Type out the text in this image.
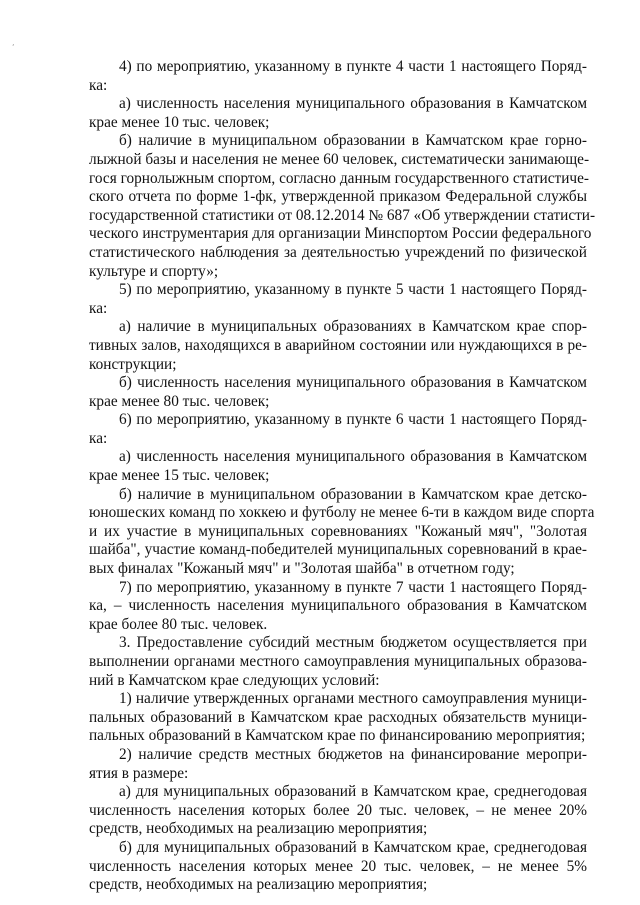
,
4) по мероприятию, указанному в пункте 4 части 1 настоящего Поряд-
ка:
а) численность населения муниципального образования в Камчатском
крае менее 10 тыс. человек;
б) наличие в муниципальном образовании в Камчатском крае горно-
лыжной базы и населения не менее 60 человек, систематически занимающе-
гося горнолыжным спортом, согласно данным государственного статистиче-
ского отчета по форме 1-фк, утвержденной приказом Федеральной службы
государственной статистики от 08.12.2014 № 687 «Об утверждении статисти-
ческого инструментария для организации Минспортом России федерального
статистического наблюдения за деятельностью учреждений по физической
культуре и спорту»;
5) по мероприятию, указанному в пункте 5 части 1 настоящего Поряд-
ка:
а) наличие в муниципальных образованиях в Камчатском крае спор-
тивных залов, находящихся в аварийном состоянии или нуждающихся в ре-
конструкции;
б) численность населения муниципального образования в Камчатском
крае менее 80 тыс. человек;
6) по мероприятию, указанному в пункте 6 части 1 настоящего Поряд-
ка:
а) численность населения муниципального образования в Камчатском
крае менее 15 тыс. человек;
б) наличие в муниципальном образовании в Камчатском крае детско-
юношеских команд по хоккею и футболу не менее 6-ти в каждом виде спорта
и их участие в муниципальных соревнованиях "Кожаный мяч", "Золотая
шайба", участие команд-победителей муниципальных соревнований в крае-
вых финалах "Кожаный мяч" и "Золотая шайба" в отчетном году;
7) по мероприятию, указанному в пункте 7 части 1 настоящего Поряд-
ка, – численность населения муниципального образования в Камчатском
крае более 80 тыс. человек.
3. Предоставление субсидий местным бюджетом осуществляется при
выполнении органами местного самоуправления муниципальных образова-
ний в Камчатском крае следующих условий:
1) наличие утвержденных органами местного самоуправления муници-
пальных образований в Камчатском крае расходных обязательств муници-
пальных образований в Камчатском крае по финансированию мероприятия;
2) наличие средств местных бюджетов на финансирование меропри-
ятия в размере:
а) для муниципальных образований в Камчатском крае, среднегодовая
численность населения которых более 20 тыс. человек, – не менее 20%
средств, необходимых на реализацию мероприятия;
б) для муниципальных образований в Камчатском крае, среднегодовая
численность населения которых менее 20 тыс. человек, – не менее 5%
средств, необходимых на реализацию мероприятия;
